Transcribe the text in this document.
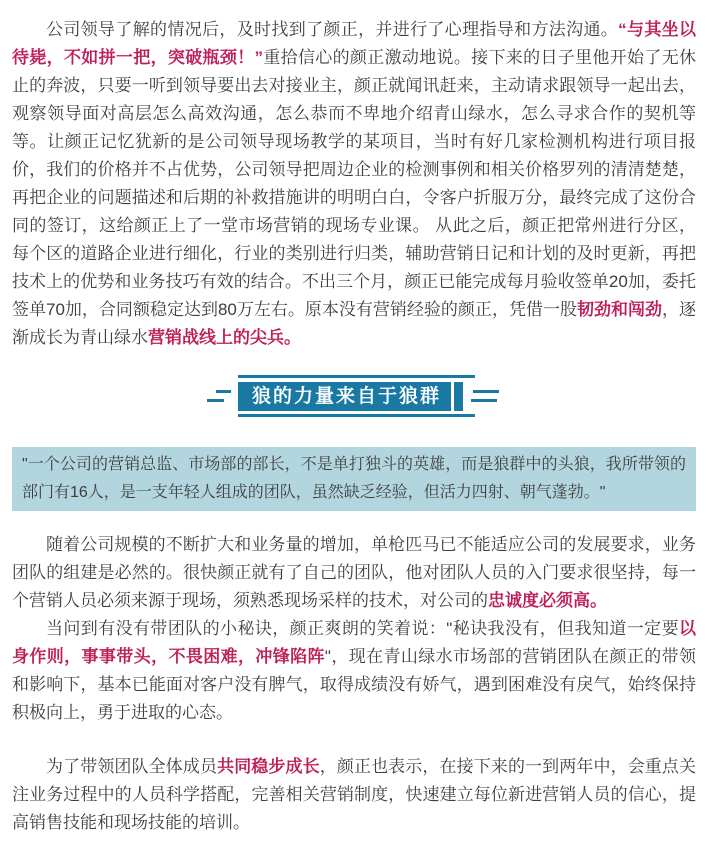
公司领导了解的情况后，及时找到了颜正，并进行了心理指导和方法沟通。“与其坐以待毙，不如拼一把，突破瓶颈！”重拾信心的颜正激动地说。接下来的日子里他开始了无休止的奔波，只要一听到领导要出去对接业主，颜正就闻讯赶来，主动请求跟领导一起出去，观察领导面对高层怎么高效沟通，怎么恭而不卑地介绍青山绿水，怎么寻求合作的契机等等。让颜正记忆犹新的是公司领导现场教学的某项目，当时有好几家检测机构进行项目报价，我们的价格并不占优势，公司领导把周边企业的检测事例和相关价格罗列的清清楚楚，再把企业的问题描述和后期的补救措施讲的明明白白，令客户折服万分，最终完成了这份合同的签订，这给颜正上了一堂市场营销的现场专业课。 从此之后，颜正把常州进行分区，每个区的道路企业进行细化，行业的类别进行归类，辅助营销日记和计划的及时更新，再把技术上的优势和业务技巧有效的结合。不出三个月，颜正已能完成每月验收签单20加，委托签单70加，合同额稳定达到80万左右。原本没有营销经验的颜正，凭借一股韧劲和闯劲，逐渐成长为青山绿水营销战线上的尖兵。

狼的力量来自于狼群
"一个公司的营销总监、市场部的部长，不是单打独斗的英雄，而是狼群中的头狼，我所带领的部门有16人，是一支年轻人组成的团队，虽然缺乏经验，但活力四射、朝气蓬勃。"

随着公司规模的不断扩大和业务量的增加，单枪匹马已不能适应公司的发展要求，业务团队的组建是必然的。很快颜正就有了自己的团队，他对团队人员的入门要求很坚持，每一个营销人员必须来源于现场，须熟悉现场采样的技术，对公司的忠诚度必须高。

当问到有没有带团队的小秘诀，颜正爽朗的笑着说："秘诀我没有，但我知道一定要以身作则，事事带头，不畏困难，冲锋陷阵"，现在青山绿水市场部的营销团队在颜正的带领和影响下，基本已能面对客户没有脾气，取得成绩没有娇气，遇到困难没有戾气，始终保持积极向上，勇于进取的心态。

为了带领团队全体成员共同稳步成长，颜正也表示，在接下来的一到两年中，会重点关注业务过程中的人员科学搭配，完善相关营销制度，快速建立每位新进营销人员的信心，提高销售技能和现场技能的培训。
